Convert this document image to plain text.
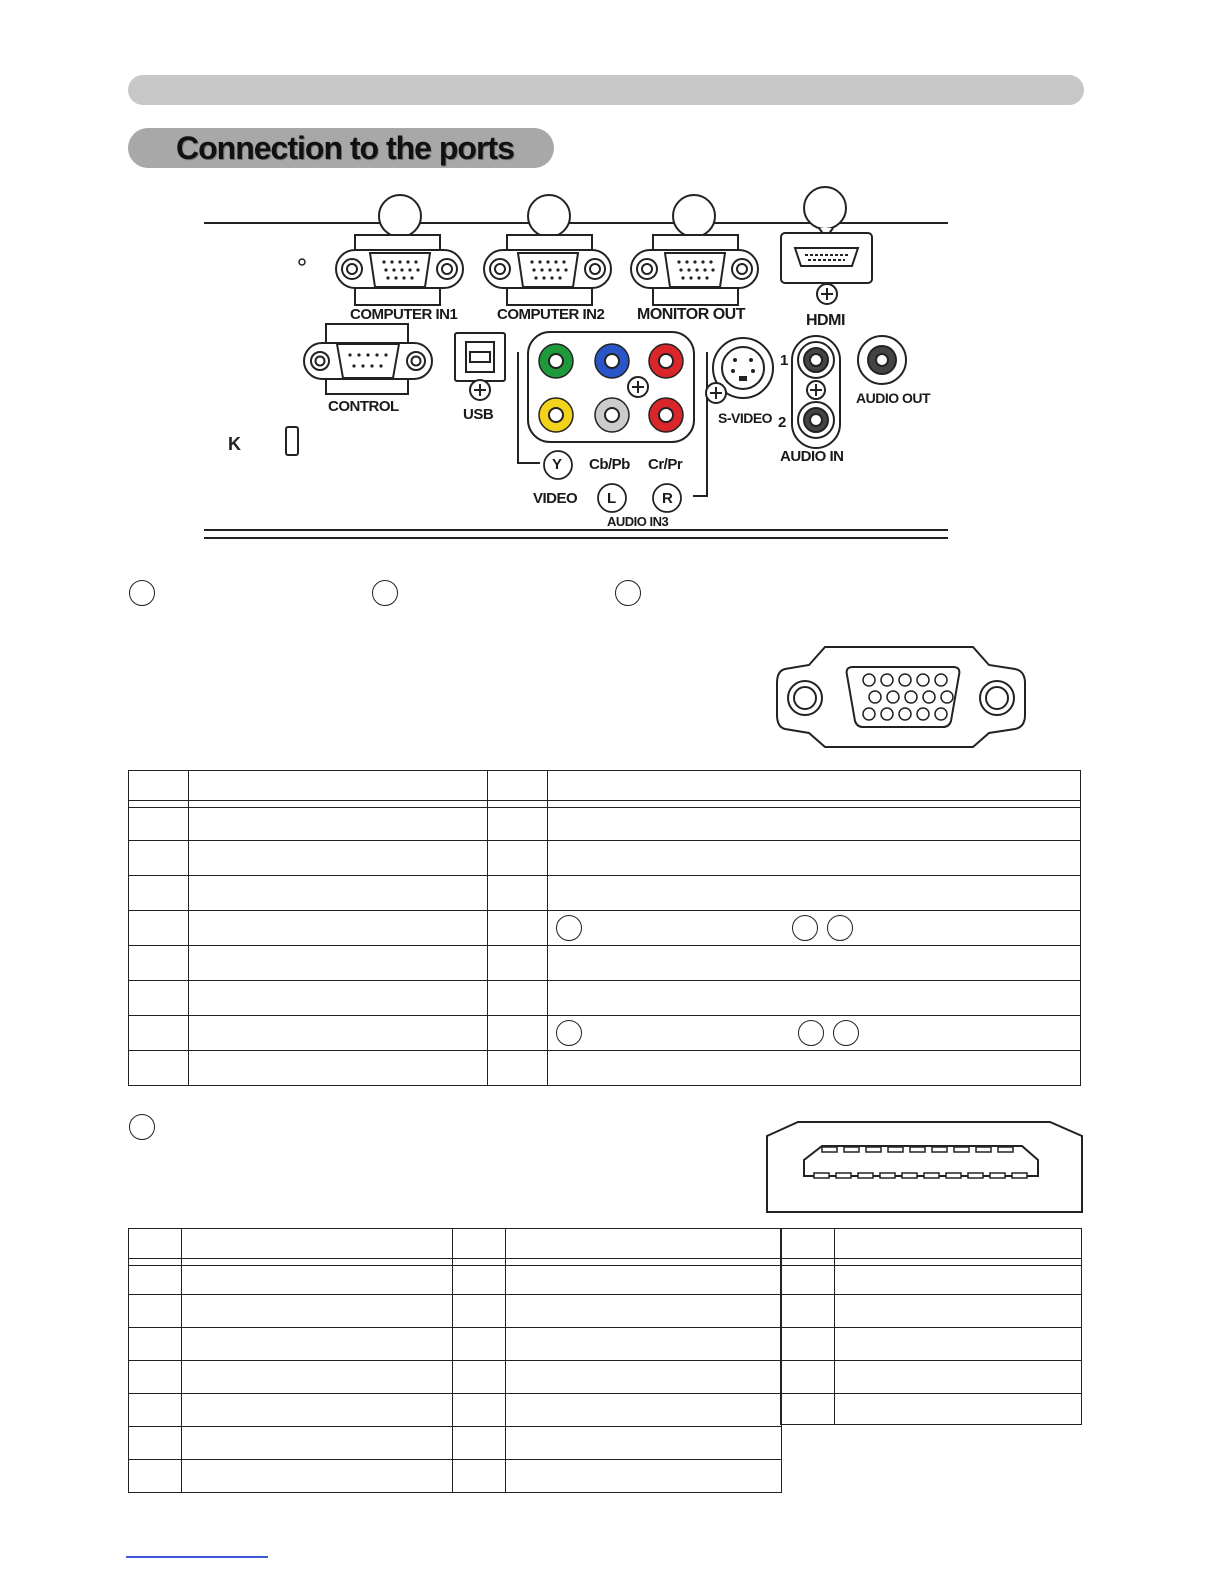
Connection to the ports
K
COMPUTER IN1	COMPUTER IN2 MONITOR OUT	HDMI
CONTROL	USB	S-VIDEO
1
2
AUDIO IN
AUDIO OUT
Y Cb/Pb Cr/Pr
VIDEO L	R
AUDIO IN3
